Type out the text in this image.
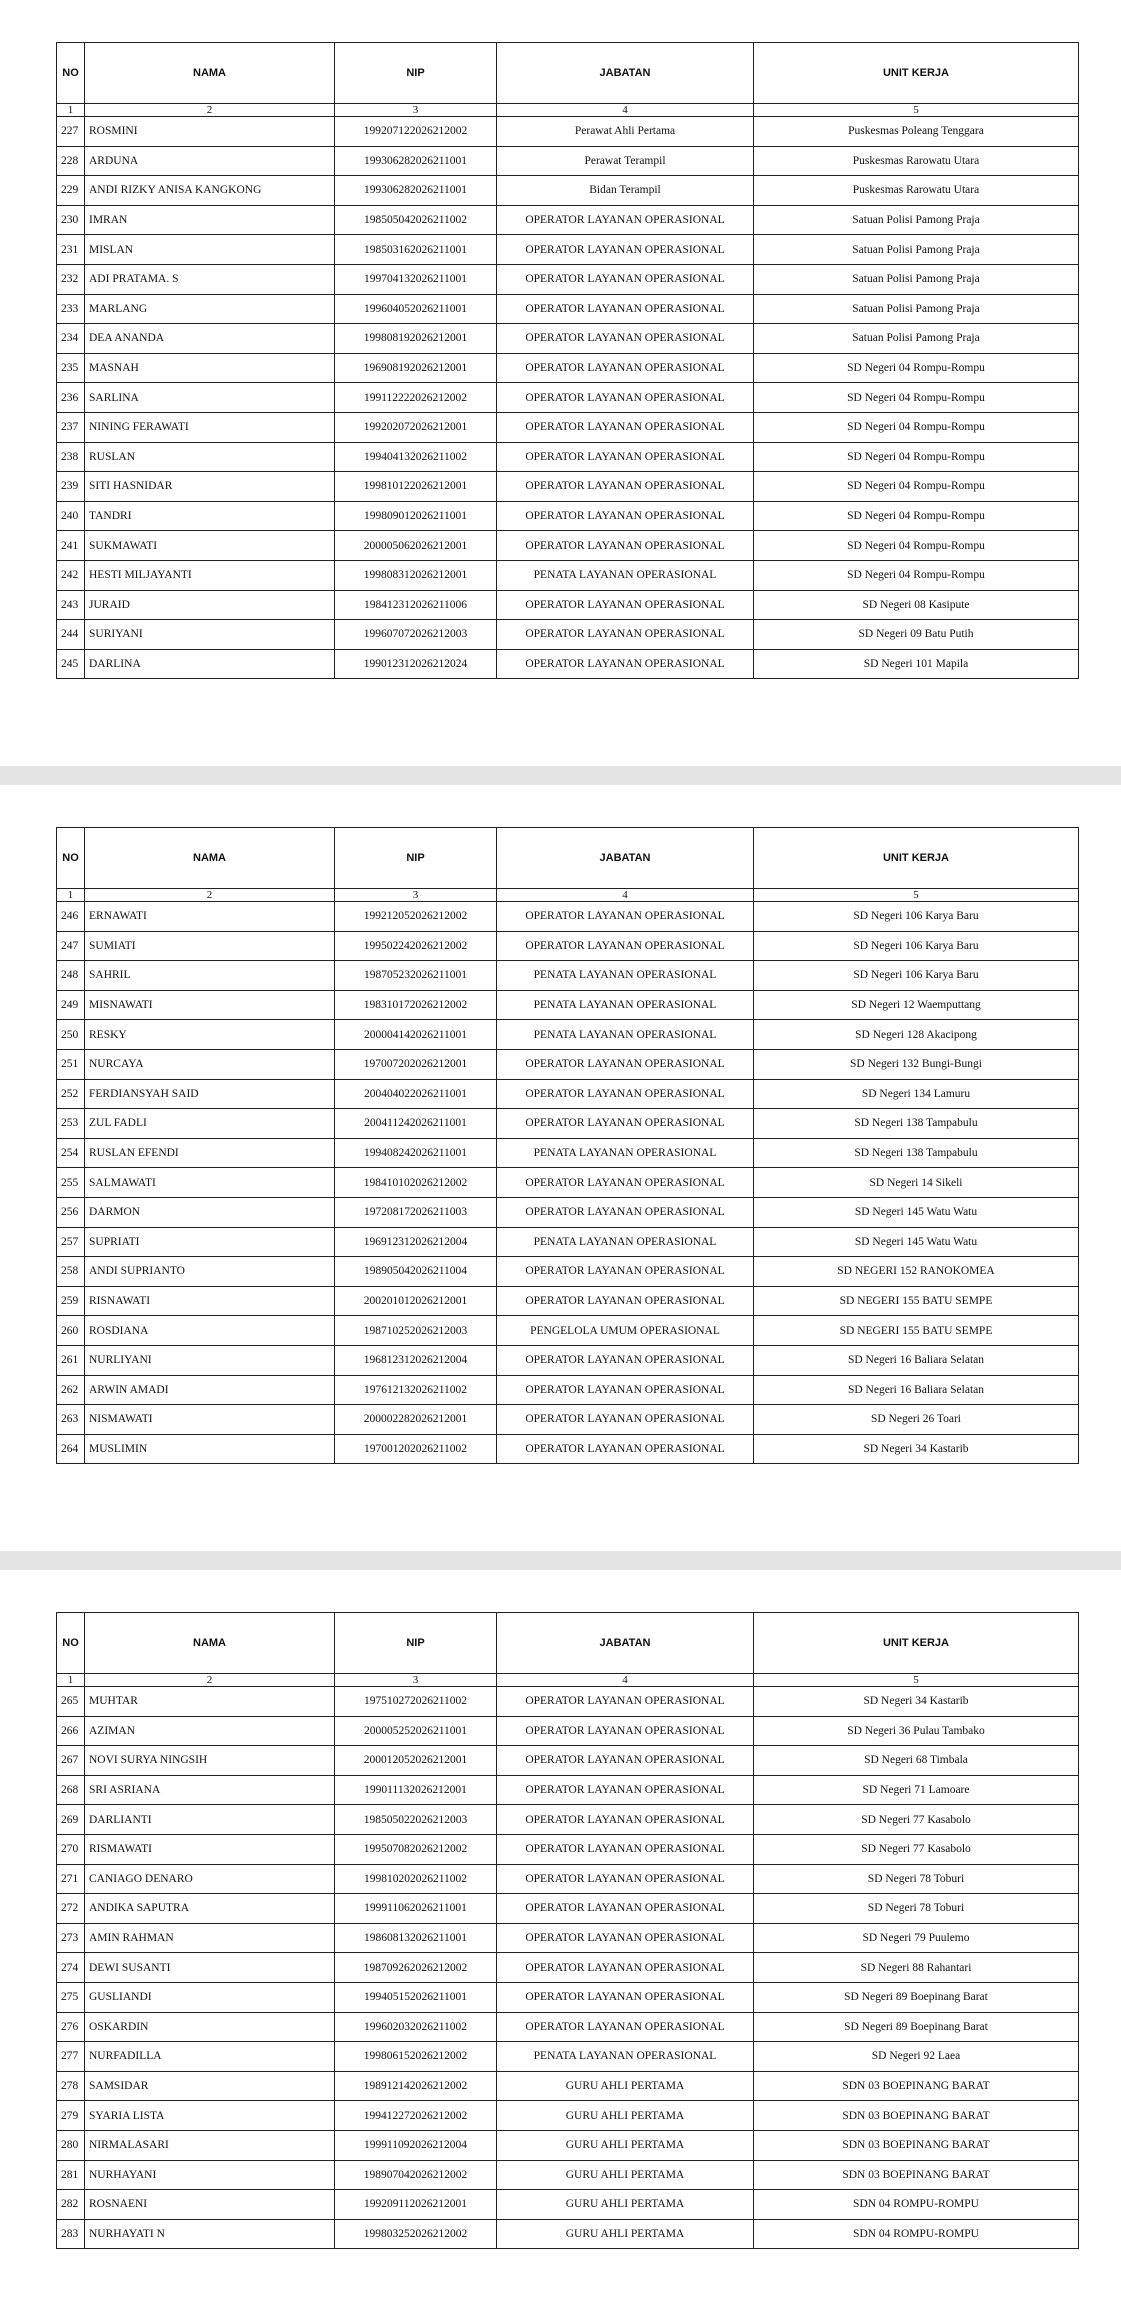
NO	NAMA	NIP	JABATAN	UNIT KERJA
1	2	3	4	5
227	ROSMINI	199207122026212002	Perawat Ahli Pertama	Puskesmas Poleang Tenggara
228	ARDUNA	199306282026211001	Perawat Terampil	Puskesmas Rarowatu Utara
229	ANDI RIZKY ANISA KANGKONG	199306282026211001	Bidan Terampil	Puskesmas Rarowatu Utara
230	IMRAN	198505042026211002	OPERATOR LAYANAN OPERASIONAL	Satuan Polisi Pamong Praja
231	MISLAN	198503162026211001	OPERATOR LAYANAN OPERASIONAL	Satuan Polisi Pamong Praja
232	ADI PRATAMA. S	199704132026211001	OPERATOR LAYANAN OPERASIONAL	Satuan Polisi Pamong Praja
233	MARLANG	199604052026211001	OPERATOR LAYANAN OPERASIONAL	Satuan Polisi Pamong Praja
234	DEA ANANDA	199808192026212001	OPERATOR LAYANAN OPERASIONAL	Satuan Polisi Pamong Praja
235	MASNAH	196908192026212001	OPERATOR LAYANAN OPERASIONAL	SD Negeri 04 Rompu-Rompu
236	SARLINA	199112222026212002	OPERATOR LAYANAN OPERASIONAL	SD Negeri 04 Rompu-Rompu
237	NINING FERAWATI	199202072026212001	OPERATOR LAYANAN OPERASIONAL	SD Negeri 04 Rompu-Rompu
238	RUSLAN	199404132026211002	OPERATOR LAYANAN OPERASIONAL	SD Negeri 04 Rompu-Rompu
239	SITI HASNIDAR	199810122026212001	OPERATOR LAYANAN OPERASIONAL	SD Negeri 04 Rompu-Rompu
240	TANDRI	199809012026211001	OPERATOR LAYANAN OPERASIONAL	SD Negeri 04 Rompu-Rompu
241	SUKMAWATI	200005062026212001	OPERATOR LAYANAN OPERASIONAL	SD Negeri 04 Rompu-Rompu
242	HESTI MILJAYANTI	199808312026212001	PENATA LAYANAN OPERASIONAL	SD Negeri 04 Rompu-Rompu
243	JURAID	198412312026211006	OPERATOR LAYANAN OPERASIONAL	SD Negeri 08 Kasipute
244	SURIYANI	199607072026212003	OPERATOR LAYANAN OPERASIONAL	SD Negeri 09 Batu Putih
245	DARLINA	199012312026212024	OPERATOR LAYANAN OPERASIONAL	SD Negeri 101 Mapila
NO	NAMA	NIP	JABATAN	UNIT KERJA
1	2	3	4	5
246	ERNAWATI	199212052026212002	OPERATOR LAYANAN OPERASIONAL	SD Negeri 106 Karya Baru
247	SUMIATI	199502242026212002	OPERATOR LAYANAN OPERASIONAL	SD Negeri 106 Karya Baru
248	SAHRIL	198705232026211001	PENATA LAYANAN OPERASIONAL	SD Negeri 106 Karya Baru
249	MISNAWATI	198310172026212002	PENATA LAYANAN OPERASIONAL	SD Negeri 12 Waemputtang
250	RESKY	200004142026211001	PENATA LAYANAN OPERASIONAL	SD Negeri 128 Akacipong
251	NURCAYA	197007202026212001	OPERATOR LAYANAN OPERASIONAL	SD Negeri 132 Bungi-Bungi
252	FERDIANSYAH SAID	200404022026211001	OPERATOR LAYANAN OPERASIONAL	SD Negeri 134 Lamuru
253	ZUL FADLI	200411242026211001	OPERATOR LAYANAN OPERASIONAL	SD Negeri 138 Tampabulu
254	RUSLAN EFENDI	199408242026211001	PENATA LAYANAN OPERASIONAL	SD Negeri 138 Tampabulu
255	SALMAWATI	198410102026212002	OPERATOR LAYANAN OPERASIONAL	SD Negeri 14 Sikeli
256	DARMON	197208172026211003	OPERATOR LAYANAN OPERASIONAL	SD Negeri 145 Watu Watu
257	SUPRIATI	196912312026212004	PENATA LAYANAN OPERASIONAL	SD Negeri 145 Watu Watu
258	ANDI SUPRIANTO	198905042026211004	OPERATOR LAYANAN OPERASIONAL	SD NEGERI 152 RANOKOMEA
259	RISNAWATI	200201012026212001	OPERATOR LAYANAN OPERASIONAL	SD NEGERI 155 BATU SEMPE
260	ROSDIANA	198710252026212003	PENGELOLA UMUM OPERASIONAL	SD NEGERI 155 BATU SEMPE
261	NURLIYANI	196812312026212004	OPERATOR LAYANAN OPERASIONAL	SD Negeri 16 Baliara Selatan
262	ARWIN AMADI	197612132026211002	OPERATOR LAYANAN OPERASIONAL	SD Negeri 16 Baliara Selatan
263	NISMAWATI	200002282026212001	OPERATOR LAYANAN OPERASIONAL	SD Negeri 26 Toari
264	MUSLIMIN	197001202026211002	OPERATOR LAYANAN OPERASIONAL	SD Negeri 34 Kastarib
NO	NAMA	NIP	JABATAN	UNIT KERJA
1	2	3	4	5
265	MUHTAR	197510272026211002	OPERATOR LAYANAN OPERASIONAL	SD Negeri 34 Kastarib
266	AZIMAN	200005252026211001	OPERATOR LAYANAN OPERASIONAL	SD Negeri 36 Pulau Tambako
267	NOVI SURYA NINGSIH	200012052026212001	OPERATOR LAYANAN OPERASIONAL	SD Negeri 68 Timbala
268	SRI ASRIANA	199011132026212001	OPERATOR LAYANAN OPERASIONAL	SD Negeri 71 Lamoare
269	DARLIANTI	198505022026212003	OPERATOR LAYANAN OPERASIONAL	SD Negeri 77 Kasabolo
270	RISMAWATI	199507082026212002	OPERATOR LAYANAN OPERASIONAL	SD Negeri 77 Kasabolo
271	CANIAGO DENARO	199810202026211002	OPERATOR LAYANAN OPERASIONAL	SD Negeri 78 Toburi
272	ANDIKA SAPUTRA	199911062026211001	OPERATOR LAYANAN OPERASIONAL	SD Negeri 78 Toburi
273	AMIN RAHMAN	198608132026211001	OPERATOR LAYANAN OPERASIONAL	SD Negeri 79 Puulemo
274	DEWI SUSANTI	198709262026212002	OPERATOR LAYANAN OPERASIONAL	SD Negeri 88 Rahantari
275	GUSLIANDI	199405152026211001	OPERATOR LAYANAN OPERASIONAL	SD Negeri 89 Boepinang Barat
276	OSKARDIN	199602032026211002	OPERATOR LAYANAN OPERASIONAL	SD Negeri 89 Boepinang Barat
277	NURFADILLA	199806152026212002	PENATA LAYANAN OPERASIONAL	SD Negeri 92 Laea
278	SAMSIDAR	198912142026212002	GURU AHLI PERTAMA	SDN 03 BOEPINANG BARAT
279	SYARIA LISTA	199412272026212002	GURU AHLI PERTAMA	SDN 03 BOEPINANG BARAT
280	NIRMALASARI	199911092026212004	GURU AHLI PERTAMA	SDN 03 BOEPINANG BARAT
281	NURHAYANI	198907042026212002	GURU AHLI PERTAMA	SDN 03 BOEPINANG BARAT
282	ROSNAENI	199209112026212001	GURU AHLI PERTAMA	SDN 04 ROMPU-ROMPU
283	NURHAYATI N	199803252026212002	GURU AHLI PERTAMA	SDN 04 ROMPU-ROMPU
